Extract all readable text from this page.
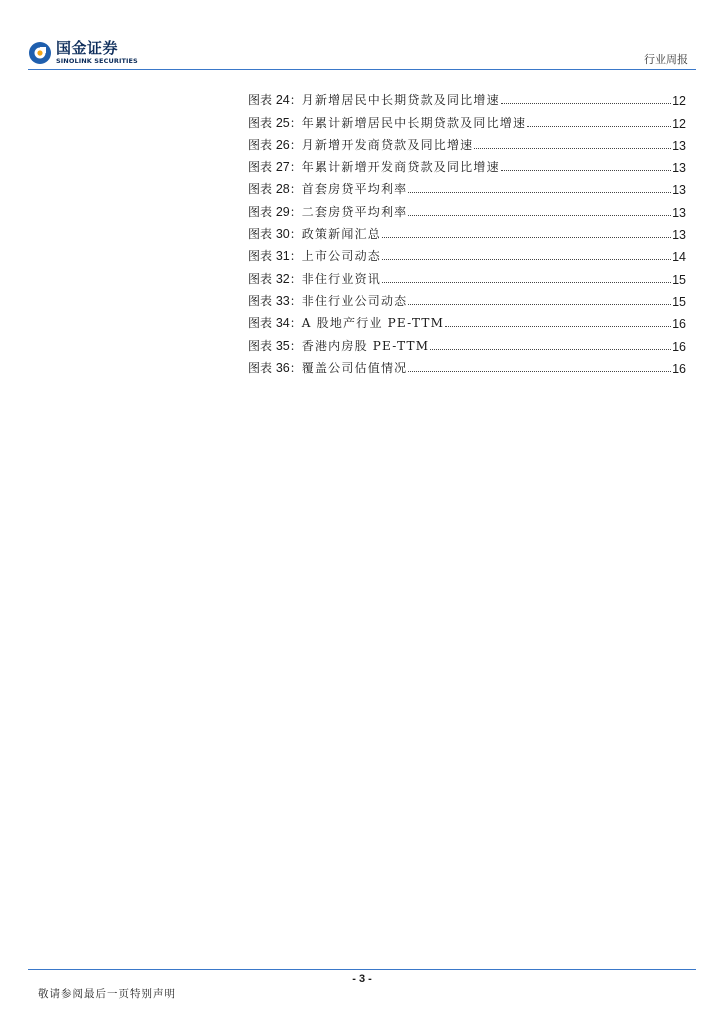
国金证券
SINOLINK SECURITIES	行业周报
图表 24：月新增居民中长期贷款及同比增速	12
图表 25：年累计新增居民中长期贷款及同比增速	12
图表 26：月新增开发商贷款及同比增速	13
图表 27：年累计新增开发商贷款及同比增速	13
图表 28：首套房贷平均利率	13
图表 29：二套房贷平均利率	13
图表 30：政策新闻汇总	13
图表 31：上市公司动态	14
图表 32：非住行业资讯	15
图表 33：非住行业公司动态	15
图表 34：A 股地产行业 PE-TTM	16
图表 35：香港内房股 PE-TTM	16
图表 36：覆盖公司估值情况	16
- 3 -
敬请参阅最后一页特别声明
